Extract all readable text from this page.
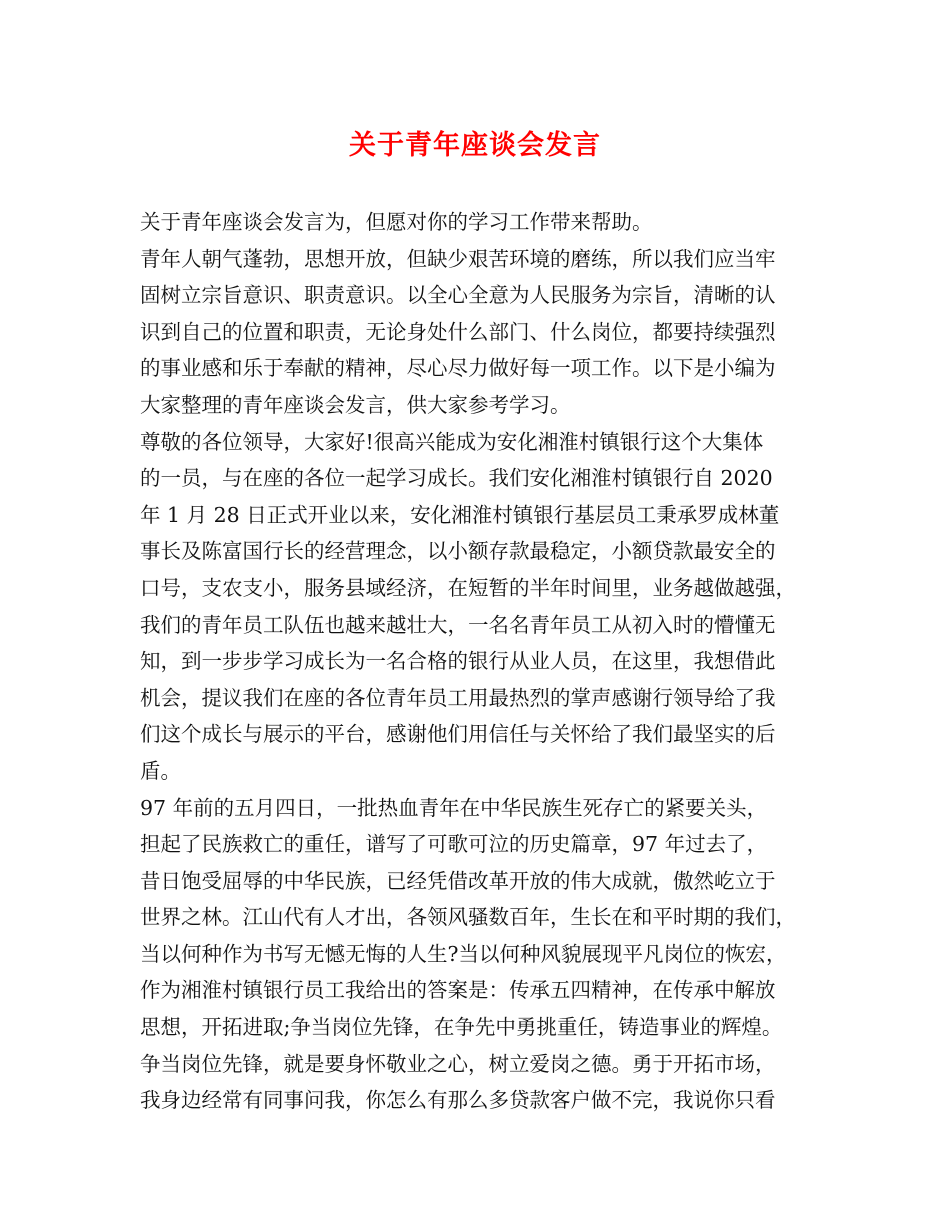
关于青年座谈会发言
关于青年座谈会发言为，但愿对你的学习工作带来帮助。
青年人朝气蓬勃，思想开放，但缺少艰苦环境的磨练，所以我们应当牢
固树立宗旨意识、职责意识。以全心全意为人民服务为宗旨，清晰的认
识到自己的位置和职责，无论身处什么部门、什么岗位，都要持续强烈
的事业感和乐于奉献的精神，尽心尽力做好每一项工作。以下是小编为
大家整理的青年座谈会发言，供大家参考学习。
尊敬的各位领导，大家好!很高兴能成为安化湘淮村镇银行这个大集体
的一员，与在座的各位一起学习成长。我们安化湘淮村镇银行自 2020
年 1 月 28 日正式开业以来，安化湘淮村镇银行基层员工秉承罗成林董
事长及陈富国行长的经营理念，以小额存款最稳定，小额贷款最安全的
口号，支农支小，服务县域经济，在短暂的半年时间里，业务越做越强，
我们的青年员工队伍也越来越壮大，一名名青年员工从初入时的懵懂无
知，到一步步学习成长为一名合格的银行从业人员，在这里，我想借此
机会，提议我们在座的各位青年员工用最热烈的掌声感谢行领导给了我
们这个成长与展示的平台，感谢他们用信任与关怀给了我们最坚实的后
盾。
97 年前的五月四日，一批热血青年在中华民族生死存亡的紧要关头，
担起了民族救亡的重任，谱写了可歌可泣的历史篇章，97 年过去了，
昔日饱受屈辱的中华民族，已经凭借改革开放的伟大成就，傲然屹立于
世界之林。江山代有人才出，各领风骚数百年，生长在和平时期的我们，
当以何种作为书写无憾无悔的人生?当以何种风貌展现平凡岗位的恢宏，
作为湘淮村镇银行员工我给出的答案是：传承五四精神，在传承中解放
思想，开拓进取;争当岗位先锋，在争先中勇挑重任，铸造事业的辉煌。
争当岗位先锋，就是要身怀敬业之心，树立爱岗之德。勇于开拓市场，
我身边经常有同事问我，你怎么有那么多贷款客户做不完，我说你只看
